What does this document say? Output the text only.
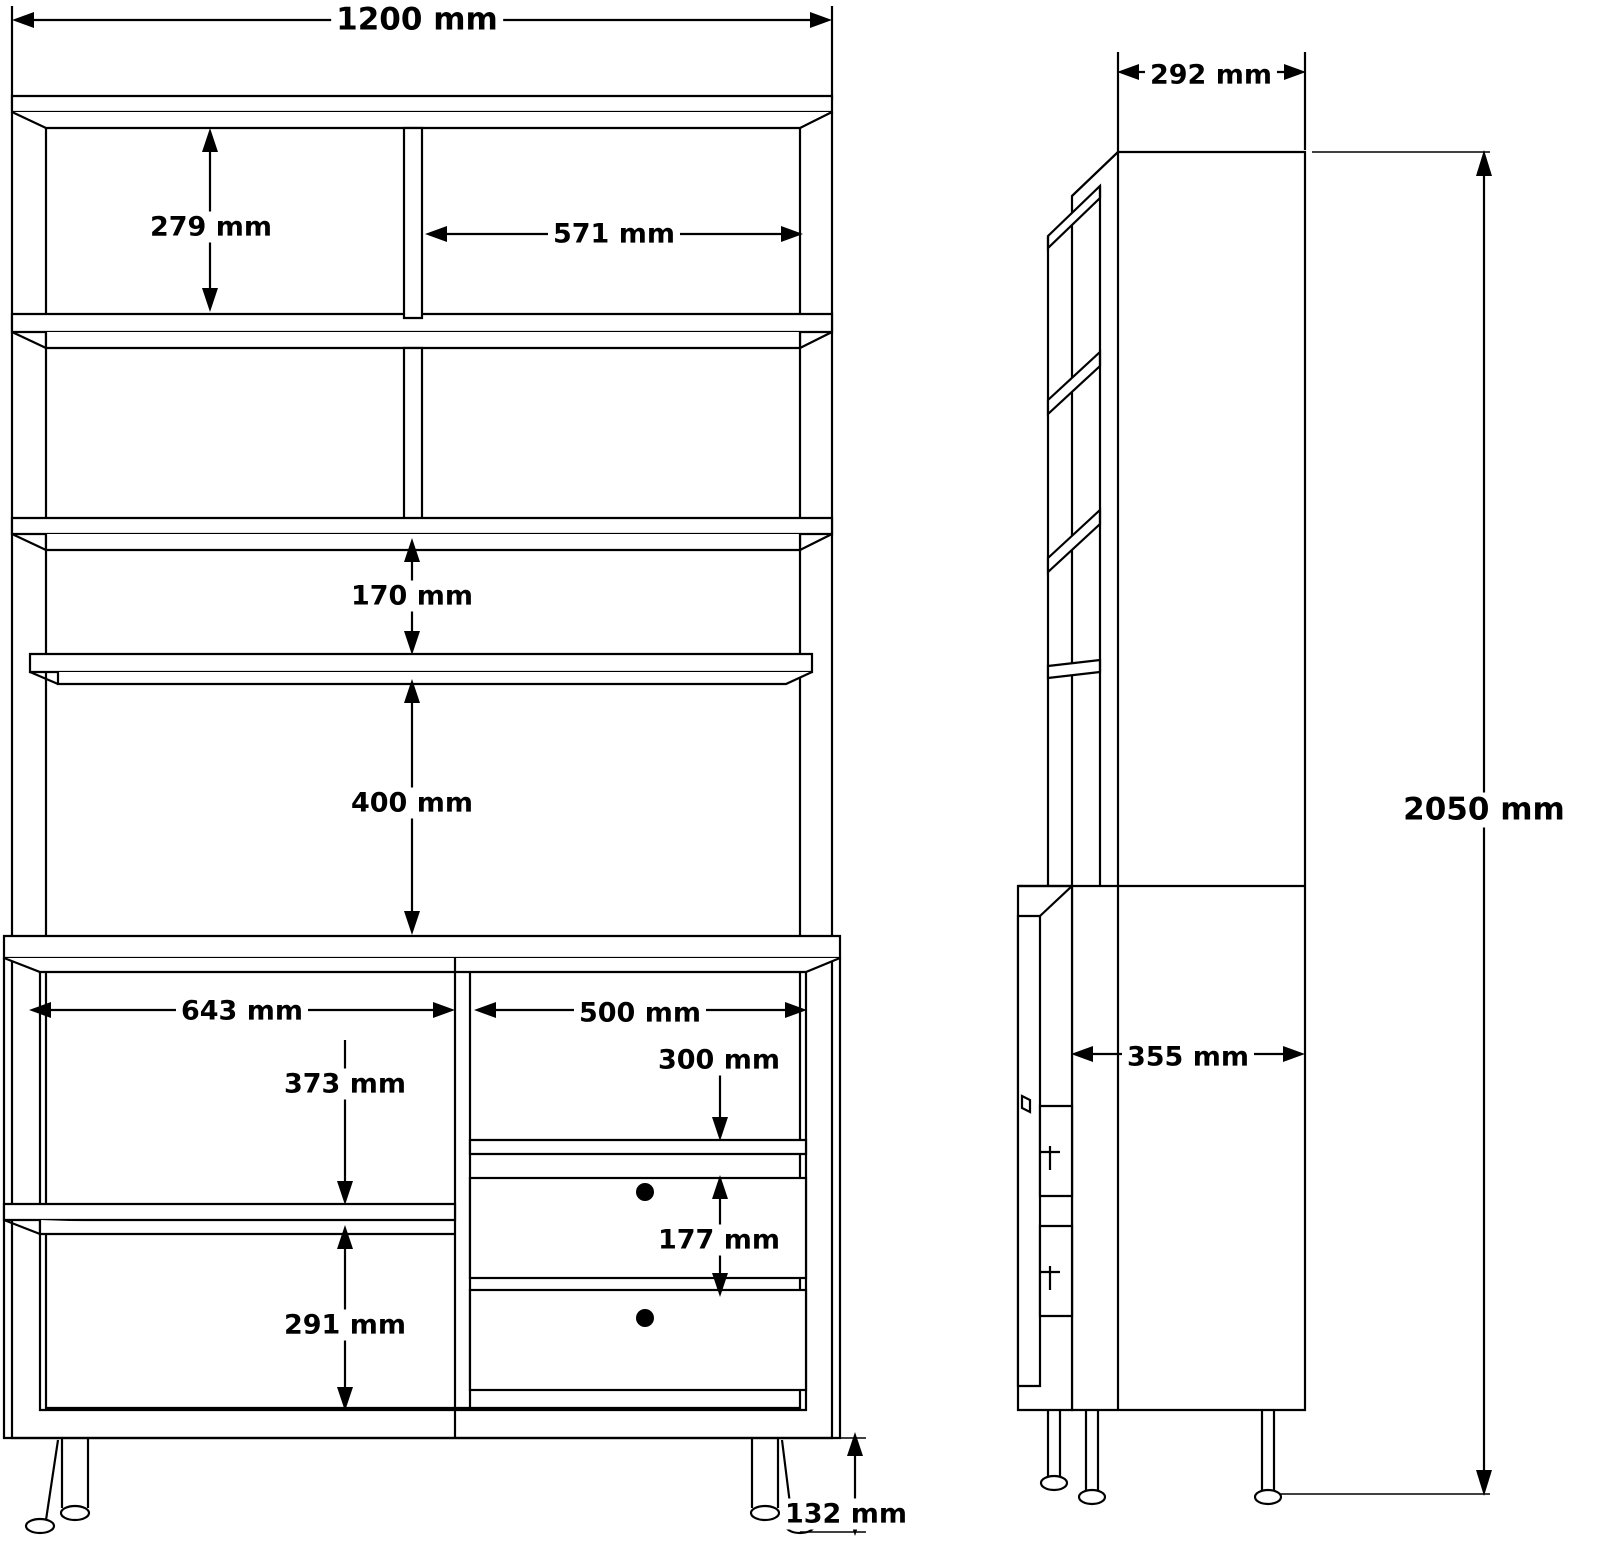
1200 mm
279 mm	571 mm
170 mm
400 mm
643 mm	500 mm
373 mm
300 mm
177 mm
291 mm
132 mm
292 mm
2050 mm
355 mm
